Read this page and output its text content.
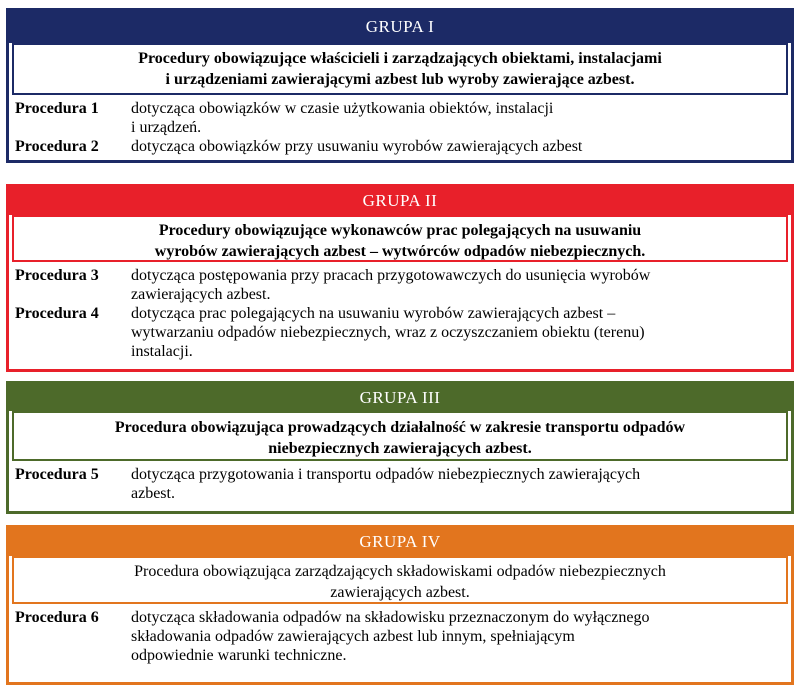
GRUPA I
Procedury obowiązujące właścicieli i zarządzających obiektami, instalacjami
i urządzeniami zawierającymi azbest lub wyroby zawierające azbest.
Procedura 1	dotycząca obowiązków w czasie użytkowania obiektów, instalacji
i urządzeń.
Procedura 2	dotycząca obowiązków przy usuwaniu wyrobów zawierających azbest
GRUPA II
Procedury obowiązujące wykonawców prac polegających na usuwaniu
wyrobów zawierających azbest – wytwórców odpadów niebezpiecznych.
Procedura 3	dotycząca postępowania przy pracach przygotowawczych do usunięcia wyrobów
zawierających azbest.
Procedura 4	dotycząca prac polegających na usuwaniu wyrobów zawierających azbest –
wytwarzaniu odpadów niebezpiecznych, wraz z oczyszczaniem obiektu (terenu)
instalacji.
GRUPA III
Procedura obowiązująca prowadzących działalność w zakresie transportu odpadów
niebezpiecznych zawierających azbest.
Procedura 5	dotycząca przygotowania i transportu odpadów niebezpiecznych zawierających
azbest.
GRUPA IV
Procedura obowiązująca zarządzających składowiskami odpadów niebezpiecznych
zawierających azbest.
Procedura 6	dotycząca składowania odpadów na składowisku przeznaczonym do wyłącznego
składowania odpadów zawierających azbest lub innym, spełniającym
odpowiednie warunki techniczne.
